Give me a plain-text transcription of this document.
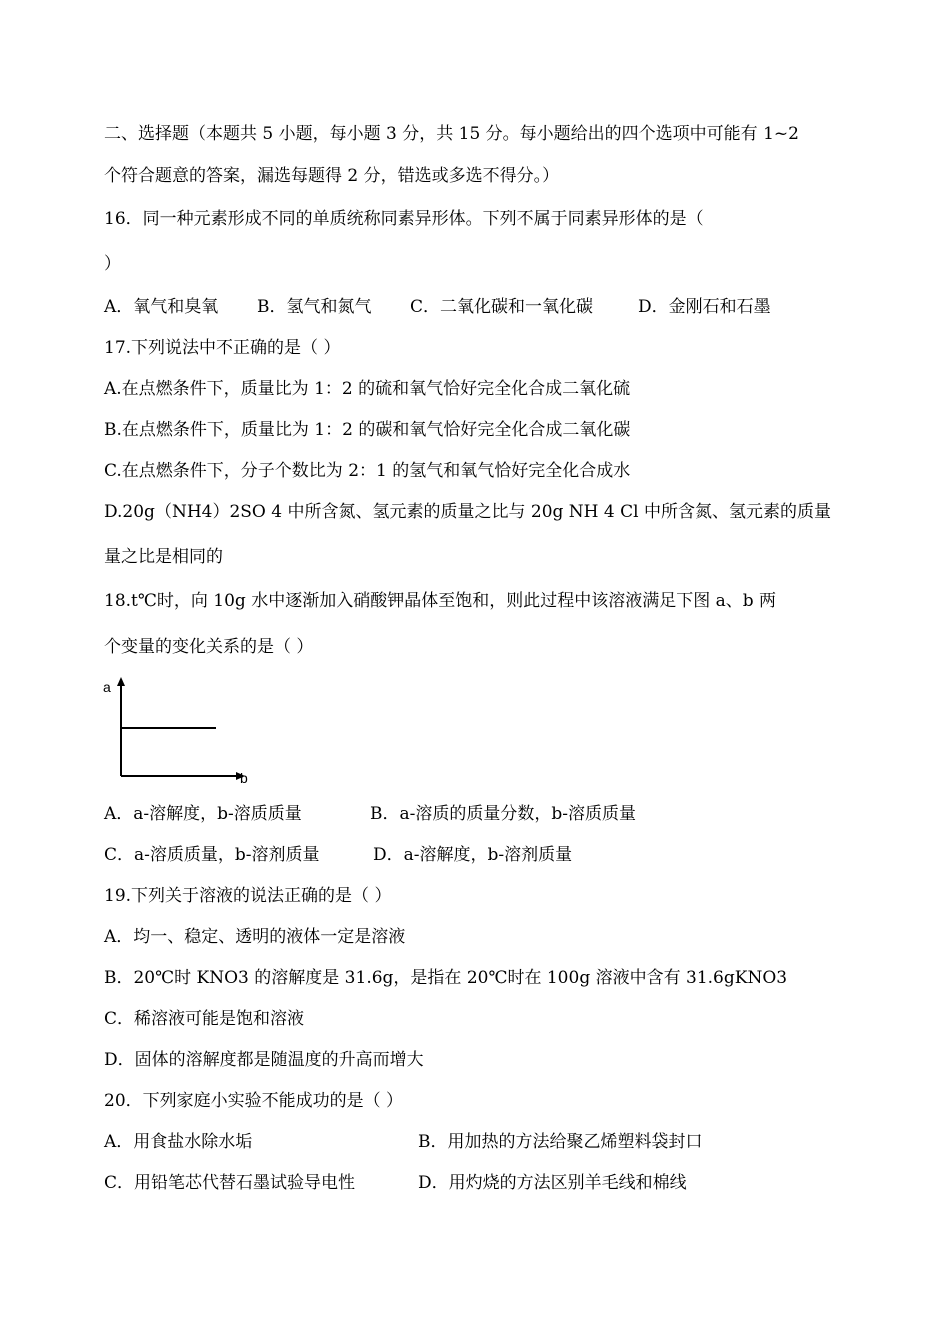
二、选择题（本题共 5 小题，每小题 3 分，共 15 分。每小题给出的四个选项中可能有 1~2
个符合题意的答案，漏选每题得 2 分，错选或多选不得分。）
16．同一种元素形成不同的单质统称同素异形体。下列不属于同素异形体的是（
）
A．氧气和臭氧 B．氢气和氮气 C．二氧化碳和一氧化碳	D．金刚石和石墨
17.下列说法中不正确的是（ ）
A.在点燃条件下，质量比为 1：2 的硫和氧气恰好完全化合成二氧化硫
B.在点燃条件下，质量比为 1：2 的碳和氧气恰好完全化合成二氧化碳
C.在点燃条件下，分子个数比为 2：1 的氢气和氧气恰好完全化合成水
D.20g（NH4）2SO 4 中所含氮、氢元素的质量之比与 20g NH 4 Cl 中所含氮、氢元素的质量
量之比是相同的
18.t℃时，向 10g 水中逐渐加入硝酸钾晶体至饱和，则此过程中该溶液满足下图 a、b 两
个变量的变化关系的是（ ）
a
b
A．a-溶解度，b-溶质质量	B．a-溶质的质量分数，b-溶质质量
C．a-溶质质量，b-溶剂质量	D．a-溶解度，b-溶剂质量
19.下列关于溶液的说法正确的是（ ）
A．均一、稳定、透明的液体一定是溶液
B．20℃时 KNO3 的溶解度是 31.6g，是指在 20℃时在 100g 溶液中含有 31.6gKNO3
C．稀溶液可能是饱和溶液
D．固体的溶解度都是随温度的升高而增大
20．下列家庭小实验不能成功的是（ ）
A．用食盐水除水垢	B．用加热的方法给聚乙烯塑料袋封口
C．用铅笔芯代替石墨试验导电性	D．用灼烧的方法区别羊毛线和棉线
